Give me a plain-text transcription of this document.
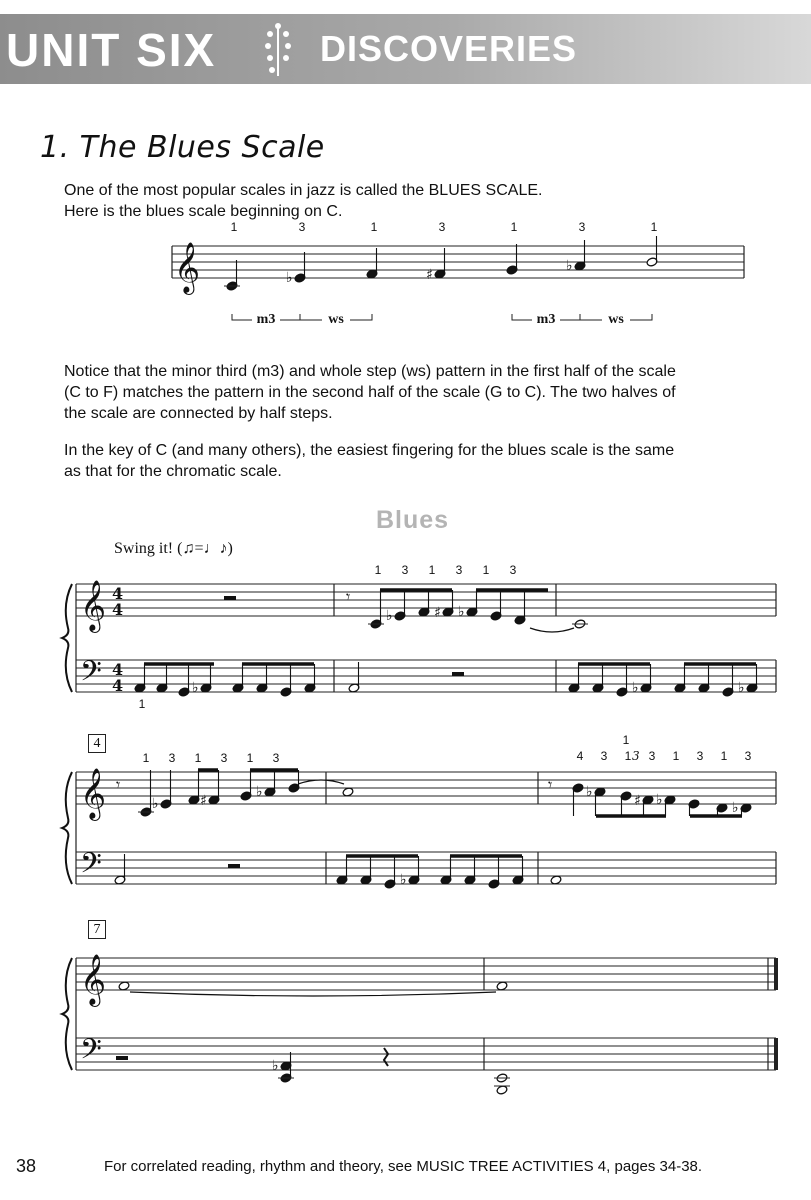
UNIT SIX	DISCOVERIES
1. The Blues Scale

One of the most popular scales in jazz is called the BLUES SCALE.
Here is the blues scale beginning on C.

Notice that the minor third (m3) and whole step (ws) pattern in the first half of the scale
(C to F) matches the pattern in the second half of the scale (G to C). The two halves of
the scale are connected by half steps.

In the key of C (and many others), the easiest fingering for the blues scale is the same
as that for the chromatic scale.

Blues
Swing it! (♫=♩♪)
4
7
𝄞	♭	♯
♭
1	3	1	3	1	3	1
m3	ws	m3	ws
𝄞
𝄢
4
4
4
4	♭
1
𝄾
♭	♯ ♭
1 3 1 3 1 3
♭	♭
𝄞
𝄢
𝄾
♭	♯
♭
1 3 1 3 1 3
𝄾 ♭
♯ ♭	♭
4 3 1 3 1 3 1 3
1
3
♭
𝄞
𝄢	♭
38	For correlated reading, rhythm and theory, see MUSIC TREE ACTIVITIES 4, pages 34-38.
